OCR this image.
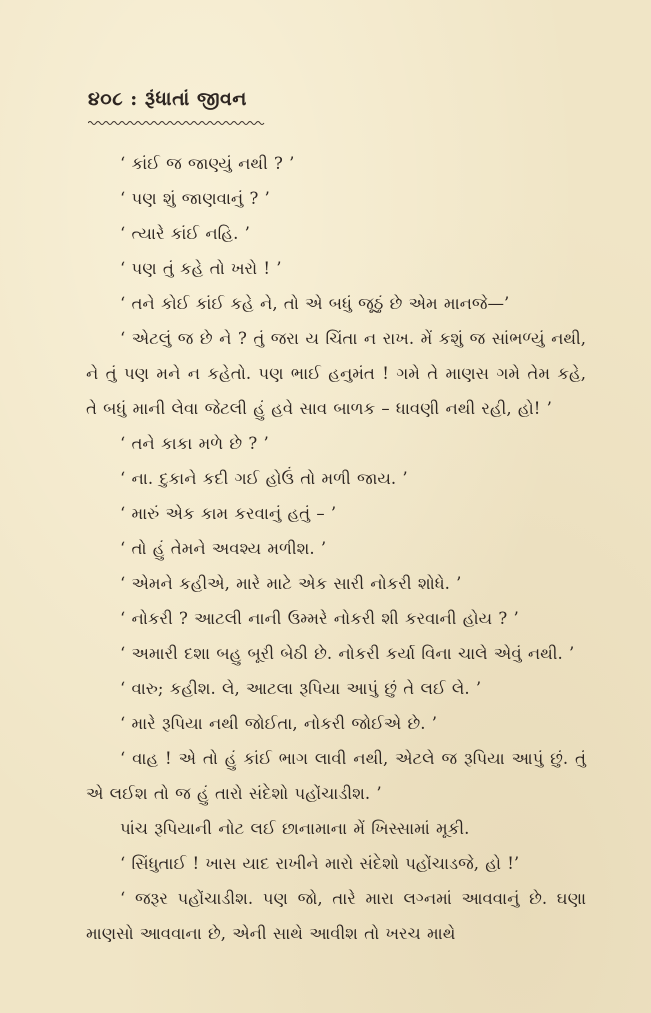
૪૦૮ : રૂંધાતાં જીવન

‘ કાંઈ જ જાણ્યું નથી ? ’

‘ પણ શું જાણવાનું ? ’

‘ ત્યારે કાંઈ નહિ. ’

‘ પણ તું કહે તો ખરો ! ’

‘ તને કોઈ કાંઈ કહે ને, તો એ બધું જૂઠું છે એમ માનજે—’

‘ એટલું જ છે ને ? તું જરા ય ચિંતા ન રાખ. મેં કશું જ સાંભળ્યું નથી, ને તું પણ મને ન કહેતો. પણ ભાઈ હનુમંત ! ગમે તે માણસ ગમે તેમ કહે, તે બધું માની લેવા જેટલી હું હવે સાવ બાળક – ધાવણી નથી રહી, હો! ’

‘ તને કાકા મળે છે ? ’

‘ ના. દુકાને કદી ગઈ હોઉં તો મળી જાય. ’

‘ મારું એક કામ કરવાનું હતું – ’

‘ તો હું તેમને અવશ્ય મળીશ. ’

‘ એમને કહીએ, મારે માટે એક સારી નોકરી શોધે. ’

‘ નોકરી ? આટલી નાની ઉમ્મરે નોકરી શી કરવાની હોય ? ’

‘ અમારી દશા બહુ બૂરી બેઠી છે. નોકરી કર્યા વિના ચાલે એવું નથી. ’

‘ વારુ; કહીશ. લે, આટલા રૂપિયા આપું છું તે લઈ લે. ’

‘ મારે રૂપિયા નથી જોઈતા, નોકરી જોઈએ છે. ’

‘ વાહ ! એ તો હું કાંઈ ભાગ લાવી નથી, એટલે જ રૂપિયા આપું છું. તું એ લઈશ તો જ હું તારો સંદેશો પહોંચાડીશ. ’

પાંચ રૂપિયાની નોટ લઈ છાનામાના મેં ખિસ્સામાં મૂકી.

‘ સિંધુતાઈ ! ખાસ યાદ રાખીને મારો સંદેશો પહોંચાડજે, હો !’

‘ જરૂર પહોંચાડીશ. પણ જો, તારે મારા લગ્નમાં આવવાનું છે. ઘણા માણસો આવવાના છે, એની સાથે આવીશ તો ખરચ માથે
